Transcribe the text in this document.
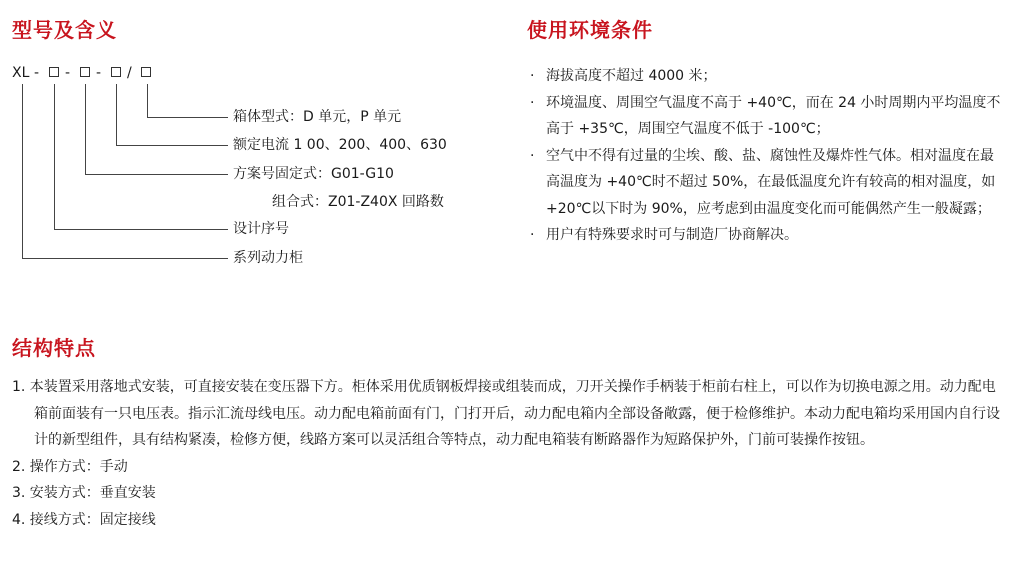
型号及含义	使用环境条件
结构特点
XL - - - /
箱体型式：D 单元，P 单元
额定电流 1 00、200、400、630
方案号固定式：G01-G10
组合式：Z01-Z40X 回路数
设计序号
系列动力柜
· 海拔高度不超过 4000 米；
· 环境温度、周围空气温度不高于 +40℃，而在 24 小时周期内平均温度不高于 +35℃，周围空气温度不低于 -100℃；
· 空气中不得有过量的尘埃、酸、盐、腐蚀性及爆炸性气体。相对温度在最高温度为 +40℃时不超过 50%，在最低温度允许有较高的相对温度，如 +20℃以下时为 90%，应考虑到由温度变化而可能偶然产生一般凝露；
· 用户有特殊要求时可与制造厂协商解决。
1. 本装置采用落地式安装，可直接安装在变压器下方。柜体采用优质钢板焊接或组装而成，刀开关操作手柄装于柜前右柱上，可以作为切换电源之用。动力配电箱前面装有一只电压表。指示汇流母线电压。动力配电箱前面有门，门打开后，动力配电箱内全部设备敞露，便于检修维护。本动力配电箱均采用国内自行设计的新型组件，具有结构紧凑，检修方便，线路方案可以灵活组合等特点，动力配电箱装有断路器作为短路保护外，门前可装操作按钮。
2. 操作方式：手动
3. 安装方式：垂直安装
4. 接线方式：固定接线
